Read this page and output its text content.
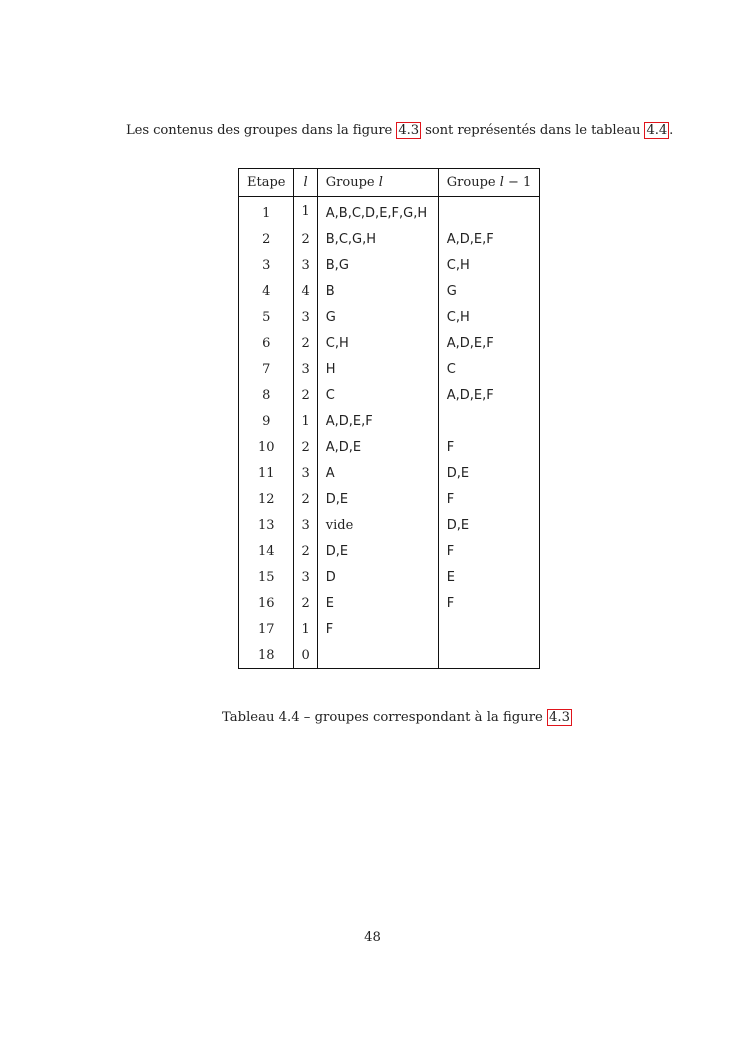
Les contenus des groupes dans la figure 4.3 sont représentés dans le tableau 4.4 .

Etape	l	Groupe l	Groupe l − 1
1	1	A,B,C,D,E,F,G,H	
2	2	B,C,G,H	A,D,E,F
3	3	B,G	C,H
4	4	B	G
5	3	G	C,H
6	2	C,H	A,D,E,F
7	3	H	C
8	2	C	A,D,E,F
9	1	A,D,E,F	
10	2	A,D,E	F
11	3	A	D,E
12	2	D,E	F
13	3	vide	D,E
14	2	D,E	F
15	3	D	E
16	2	E	F
17	1	F	
18	0		

Tableau 4.4 – groupes correspondant à la figure 4.3

48
